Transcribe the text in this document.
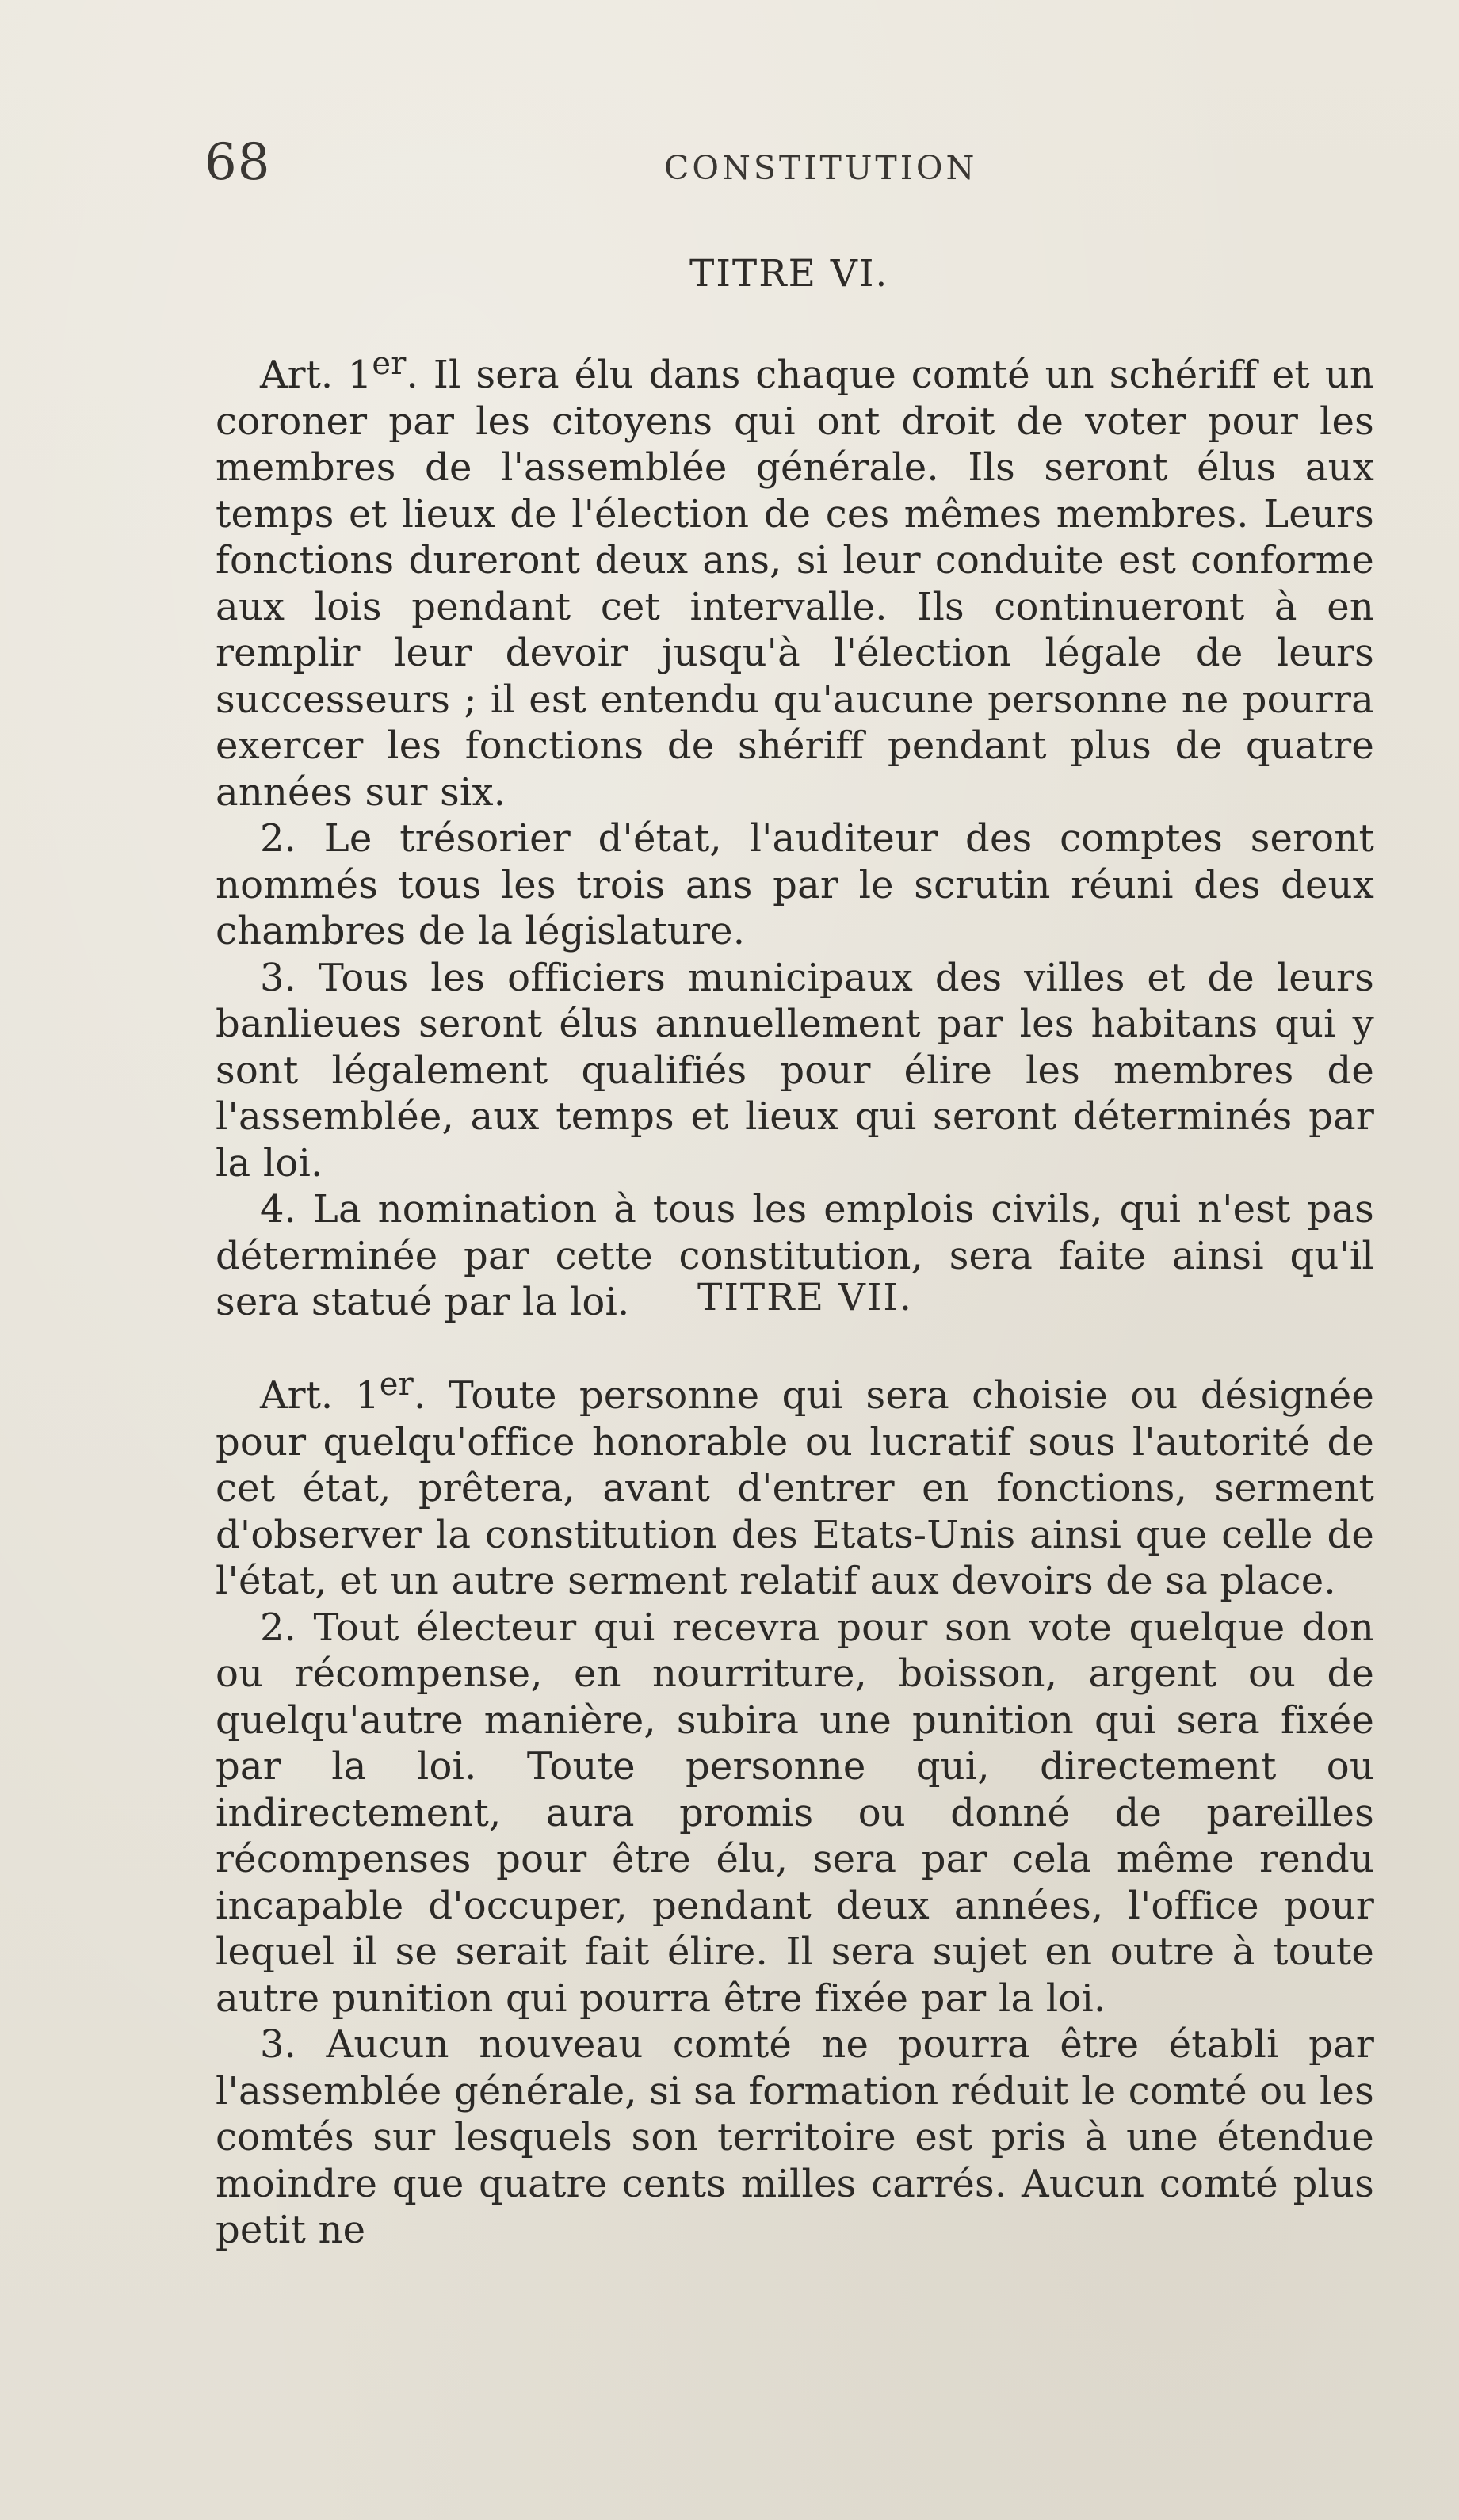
68	CONSTITUTION
TITRE VI.

Art. 1er. Il sera élu dans chaque comté un schériff et un coroner par les citoyens qui ont droit de voter pour les membres de l'assemblée générale. Ils seront élus aux temps et lieux de l'élection de ces mêmes membres. Leurs fonctions dureront deux ans, si leur conduite est conforme aux lois pendant cet intervalle. Ils continueront à en remplir leur devoir jusqu'à l'élection légale de leurs successeurs ; il est entendu qu'aucune personne ne pourra exercer les fonctions de shériff pendant plus de quatre années sur six.

2. Le trésorier d'état, l'auditeur des comptes seront nommés tous les trois ans par le scrutin réuni des deux chambres de la législature.

3. Tous les officiers municipaux des villes et de leurs banlieues seront élus annuellement par les habitans qui y sont légalement qualifiés pour élire les membres de l'assemblée, aux temps et lieux qui seront déterminés par la loi.

4. La nomination à tous les emplois civils, qui n'est pas déterminée par cette constitution, sera faite ainsi qu'il sera statué par la loi.	TITRE VII.

Art. 1er. Toute personne qui sera choisie ou désignée pour quelqu'office honorable ou lucratif sous l'autorité de cet état, prêtera, avant d'entrer en fonctions, serment d'observer la constitution des Etats-Unis ainsi que celle de l'état, et un autre serment relatif aux devoirs de sa place.

2. Tout électeur qui recevra pour son vote quelque don ou récompense, en nourriture, boisson, argent ou de quelqu'autre manière, subira une punition qui sera fixée par la loi. Toute personne qui, directement ou indirectement, aura promis ou donné de pareilles récompenses pour être élu, sera par cela même rendu incapable d'occuper, pendant deux années, l'office pour lequel il se serait fait élire. Il sera sujet en outre à toute autre punition qui pourra être fixée par la loi.

3. Aucun nouveau comté ne pourra être établi par l'assemblée générale, si sa formation réduit le comté ou les comtés sur lesquels son territoire est pris à une étendue moindre que quatre cents milles carrés. Aucun comté plus petit ne
